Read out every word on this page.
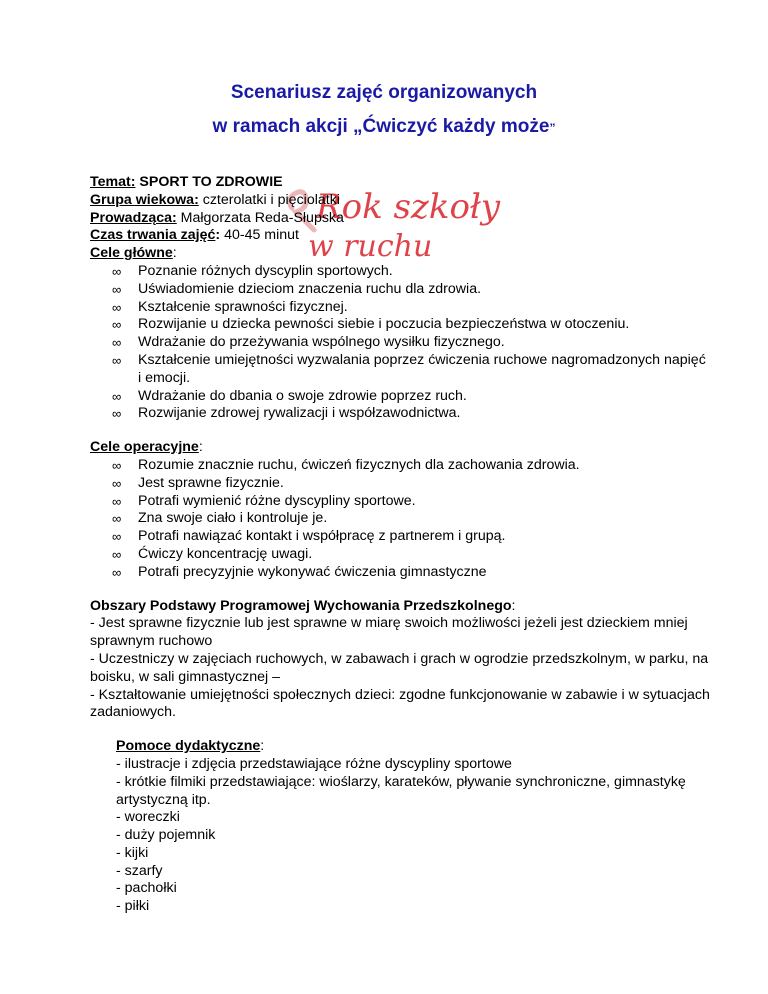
Scenariusz zajęć organizowanych
w ramach akcji „Ćwiczyć każdy może”
Rok szkoły
w ruchu

Temat: SPORT TO ZDROWIE

Grupa wiekowa: czterolatki i pięciolatki

Prowadząca: Małgorzata Reda-Słupska

Czas trwania zajęć: 40-45 minut

Cele główne:

∞ Poznanie różnych dyscyplin sportowych.
∞ Uświadomienie dzieciom znaczenia ruchu dla zdrowia.
∞ Kształcenie sprawności fizycznej.
∞ Rozwijanie u dziecka pewności siebie i poczucia bezpieczeństwa w otoczeniu.
∞ Wdrażanie do przeżywania wspólnego wysiłku fizycznego.
∞ Kształcenie umiejętności wyzwalania poprzez ćwiczenia ruchowe nagromadzonych napięć i emocji.
∞ Wdrażanie do dbania o swoje zdrowie poprzez ruch.
∞ Rozwijanie zdrowej rywalizacji i współzawodnictwa.

Cele operacyjne:

∞ Rozumie znacznie ruchu, ćwiczeń fizycznych dla zachowania zdrowia.
∞ Jest sprawne fizycznie.
∞ Potrafi wymienić różne dyscypliny sportowe.
∞ Zna swoje ciało i kontroluje je.
∞ Potrafi nawiązać kontakt i współpracę z partnerem i grupą.
∞ Ćwiczy koncentrację uwagi.
∞ Potrafi precyzyjnie wykonywać ćwiczenia gimnastyczne

Obszary Podstawy Programowej Wychowania Przedszkolnego:

- Jest sprawne fizycznie lub jest sprawne w miarę swoich możliwości jeżeli jest dzieckiem mniej sprawnym ruchowo

- Uczestniczy w zajęciach ruchowych, w zabawach i grach w ogrodzie przedszkolnym, w parku, na boisku, w sali gimnastycznej –

- Kształtowanie umiejętności społecznych dzieci: zgodne funkcjonowanie w zabawie i w sytuacjach zadaniowych.

Pomoce dydaktyczne:

- ilustracje i zdjęcia przedstawiające różne dyscypliny sportowe

- krótkie filmiki przedstawiające: wioślarzy, karateków, pływanie synchroniczne, gimnastykę artystyczną itp.

- woreczki

- duży pojemnik

- kijki

- szarfy

- pachołki

- piłki
